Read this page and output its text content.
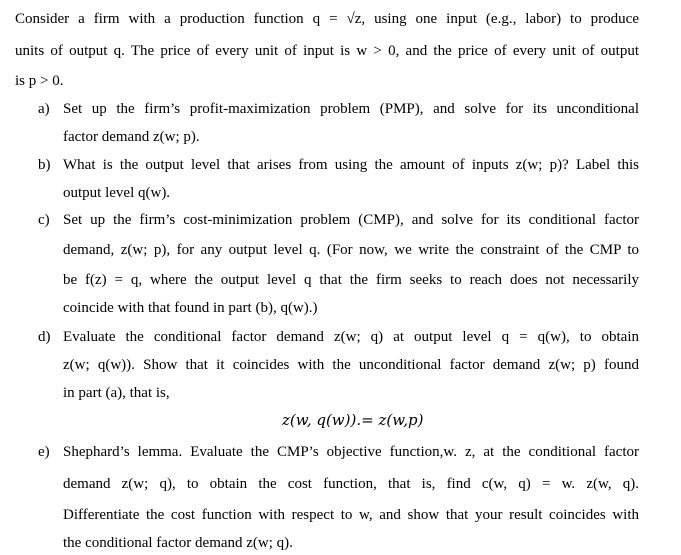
Consider a firm with a production function q = √z, using one input (e.g., labor) to produce
units of output q. The price of every unit of input is w > 0, and the price of every unit of output
is p > 0.
a) Set up the firm’s profit-maximization problem (PMP), and solve for its unconditional
factor demand z(w; p).
b) What is the output level that arises from using the amount of inputs z(w; p)? Label this
output level q(w).
c) Set up the firm’s cost-minimization problem (CMP), and solve for its conditional factor
demand, z(w; p), for any output level q. (For now, we write the constraint of the CMP to
be f(z) = q, where the output level q that the firm seeks to reach does not necessarily
coincide with that found in part (b), q(w).)
d) Evaluate the conditional factor demand z(w; q) at output level q = q(w), to obtain
z(w; q(w)). Show that it coincides with the unconditional factor demand z(w; p) found
in part (a), that is,
z(w, q(w)).= z(w,p)
e) Shephard’s lemma. Evaluate the CMP’s objective function,w. z, at the conditional factor
demand z(w; q), to obtain the cost function, that is, find c(w, q) = w. z(w, q).
Differentiate the cost function with respect to w, and show that your result coincides with
the conditional factor demand z(w; q).
